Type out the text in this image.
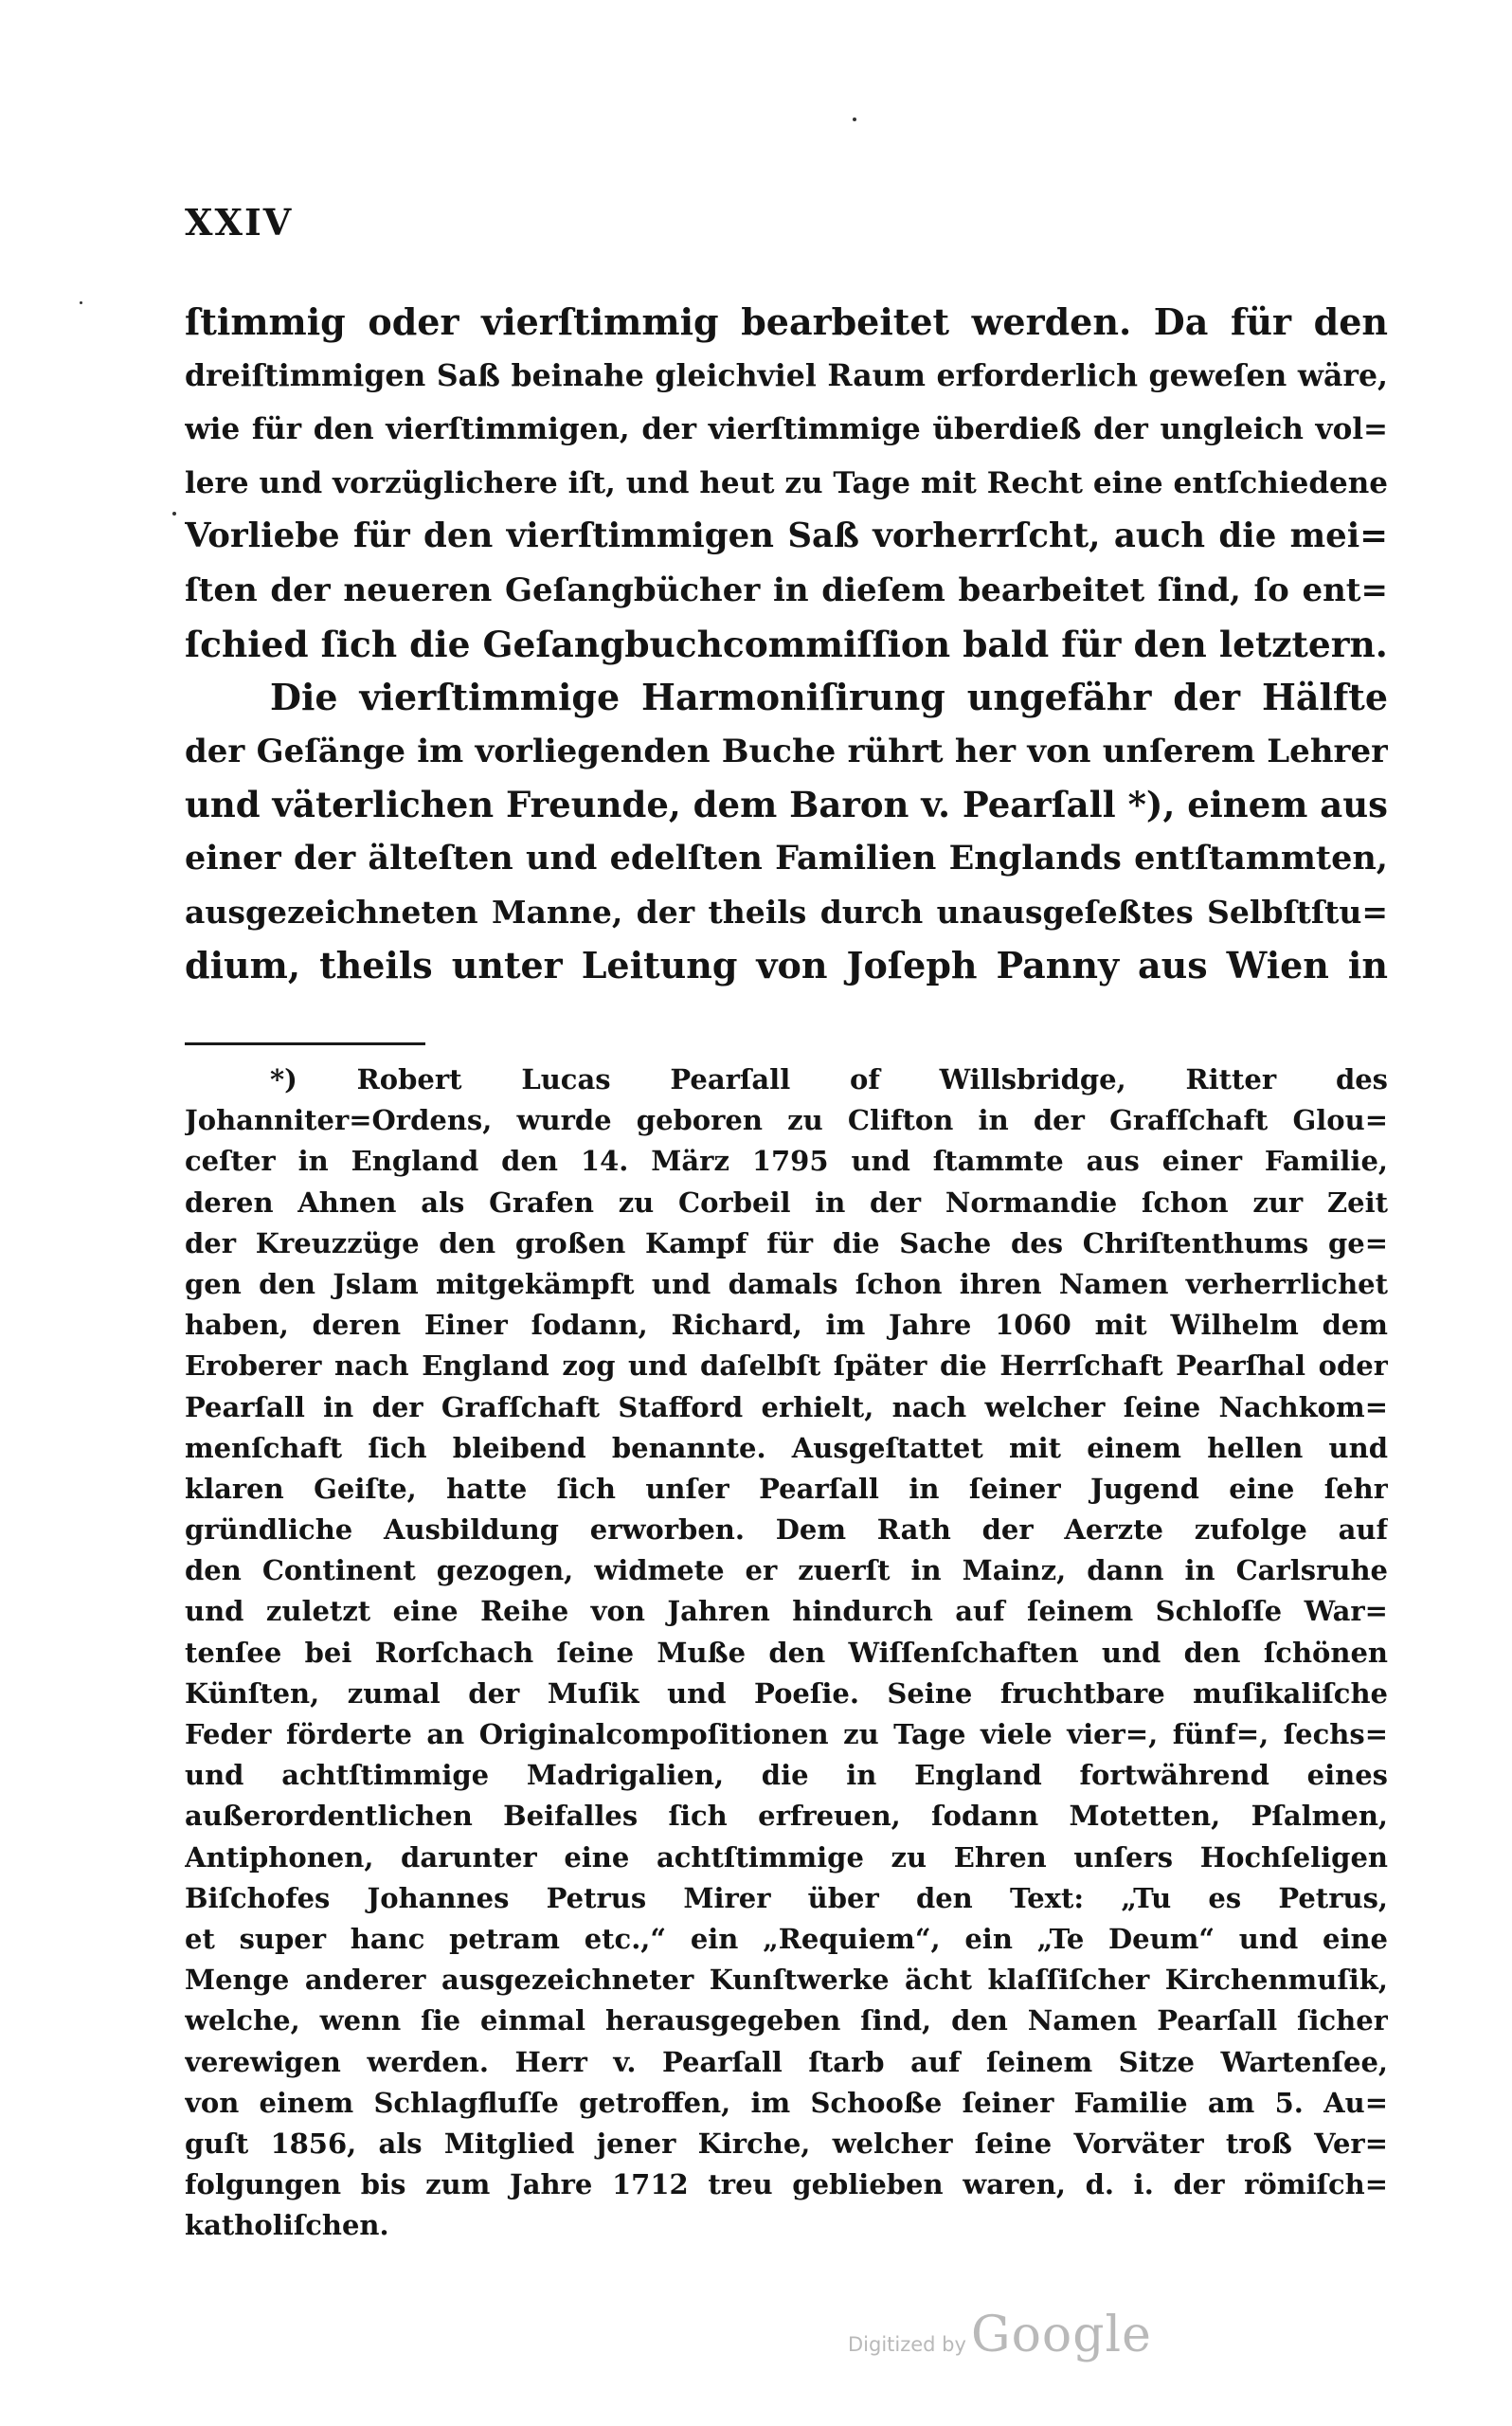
XXIV
ſtimmig oder vierſtimmig bearbeitet werden. Da für den
dreiſtimmigen Saß beinahe gleichviel Raum erforderlich geweſen wäre,
wie für den vierſtimmigen, der vierſtimmige überdieß der ungleich vol=
lere und vorzüglichere iſt, und heut zu Tage mit Recht eine entſchiedene
Vorliebe für den vierſtimmigen Saß vorherrſcht, auch die mei=
ſten der neueren Geſangbücher in dieſem bearbeitet ſind, ſo ent=
ſchied ſich die Geſangbuchcommiſſion bald für den letztern.
Die vierſtimmige Harmoniſirung ungefähr der Hälfte
der Geſänge im vorliegenden Buche rührt her von unſerem Lehrer
und väterlichen Freunde, dem Baron v. Pearſall *), einem aus
einer der älteſten und edelſten Familien Englands entſtammten,
ausgezeichneten Manne, der theils durch unausgeſeßtes Selbſtſtu=
dium, theils unter Leitung von Joſeph Panny aus Wien in
*) Robert Lucas Pearſall of Willsbridge, Ritter des
Johanniter=Ordens, wurde geboren zu Clifton in der Grafſchaft Glou=
ceſter in England den 14. März 1795 und ſtammte aus einer Familie,
deren Ahnen als Grafen zu Corbeil in der Normandie ſchon zur Zeit
der Kreuzzüge den großen Kampf für die Sache des Chriſtenthums ge=
gen den Jslam mitgekämpft und damals ſchon ihren Namen verherrlichet
haben, deren Einer ſodann, Richard, im Jahre 1060 mit Wilhelm dem
Eroberer nach England zog und daſelbſt ſpäter die Herrſchaft Pearſhal oder
Pearſall in der Grafſchaft Stafford erhielt, nach welcher ſeine Nachkom=
menſchaft ſich bleibend benannte. Ausgeſtattet mit einem hellen und
klaren Geiſte, hatte ſich unſer Pearſall in ſeiner Jugend eine ſehr
gründliche Ausbildung erworben. Dem Rath der Aerzte zufolge auf
den Continent gezogen, widmete er zuerſt in Mainz, dann in Carlsruhe
und zuletzt eine Reihe von Jahren hindurch auf ſeinem Schloſſe War=
tenſee bei Rorſchach ſeine Muße den Wiſſenſchaften und den ſchönen
Künſten, zumal der Muſik und Poeſie. Seine fruchtbare muſikaliſche
Feder förderte an Originalcompoſitionen zu Tage viele vier=, fünf=, ſechs=
und achtſtimmige Madrigalien, die in England fortwährend eines
außerordentlichen Beifalles ſich erfreuen, ſodann Motetten, Pſalmen,
Antiphonen, darunter eine achtſtimmige zu Ehren unſers Hochſeligen
Biſchofes Johannes Petrus Mirer über den Text: „Tu es Petrus,
et super hanc petram etc.,“ ein „Requiem“, ein „Te Deum“ und eine
Menge anderer ausgezeichneter Kunſtwerke ächt klaſſiſcher Kirchenmuſik,
welche, wenn ſie einmal herausgegeben ſind, den Namen Pearſall ſicher
verewigen werden. Herr v. Pearſall ſtarb auf ſeinem Sitze Wartenſee,
von einem Schlagfluſſe getroffen, im Schooße ſeiner Familie am 5. Au=
guſt 1856, als Mitglied jener Kirche, welcher ſeine Vorväter troß Ver=
folgungen bis zum Jahre 1712 treu geblieben waren, d. i. der römiſch=
katholiſchen.
Digitized by Google
